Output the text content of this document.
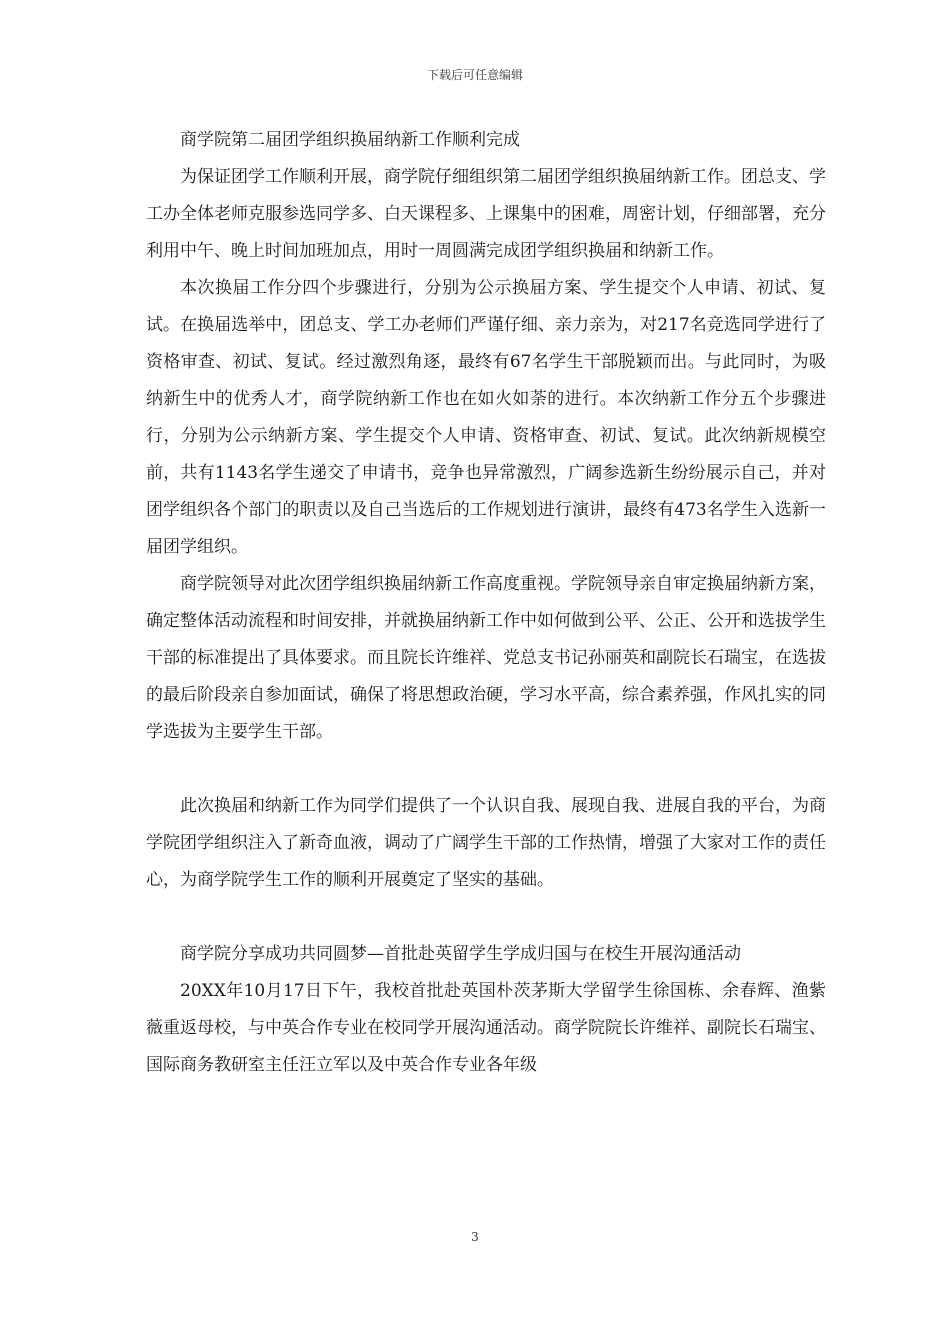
下载后可任意编辑

商学院第二届团学组织换届纳新工作顺利完成

为保证团学工作顺利开展，商学院仔细组织第二届团学组织换届纳新工作。团总支、学工办全体老师克服参选同学多、白天课程多、上课集中的困难，周密计划，仔细部署，充分利用中午、晚上时间加班加点，用时一周圆满完成团学组织换届和纳新工作。

本次换届工作分四个步骤进行，分别为公示换届方案、学生提交个人申请、初试、复试。在换届选举中，团总支、学工办老师们严谨仔细、亲力亲为，对217名竞选同学进行了资格审查、初试、复试。经过激烈角逐，最终有67名学生干部脱颖而出。与此同时，为吸纳新生中的优秀人才，商学院纳新工作也在如火如荼的进行。本次纳新工作分五个步骤进行，分别为公示纳新方案、学生提交个人申请、资格审查、初试、复试。此次纳新规模空前，共有1143名学生递交了申请书，竞争也异常激烈，广阔参选新生纷纷展示自己，并对团学组织各个部门的职责以及自己当选后的工作规划进行演讲，最终有473名学生入选新一届团学组织。

商学院领导对此次团学组织换届纳新工作高度重视。学院领导亲自审定换届纳新方案，确定整体活动流程和时间安排，并就换届纳新工作中如何做到公平、公正、公开和选拔学生干部的标准提出了具体要求。而且院长许维祥、党总支书记孙丽英和副院长石瑞宝，在选拔的最后阶段亲自参加面试，确保了将思想政治硬，学习水平高，综合素养强，作风扎实的同学选拔为主要学生干部。

此次换届和纳新工作为同学们提供了一个认识自我、展现自我、进展自我的平台，为商学院团学组织注入了新奇血液，调动了广阔学生干部的工作热情，增强了大家对工作的责任心，为商学院学生工作的顺利开展奠定了坚实的基础。

商学院分享成功共同圆梦—首批赴英留学生学成归国与在校生开展沟通活动

20XX年10月17日下午，我校首批赴英国朴茨茅斯大学留学生徐国栋、余春辉、渔紫薇重返母校，与中英合作专业在校同学开展沟通活动。商学院院长许维祥、副院长石瑞宝、国际商务教研室主任汪立军以及中英合作专业各年级

3
